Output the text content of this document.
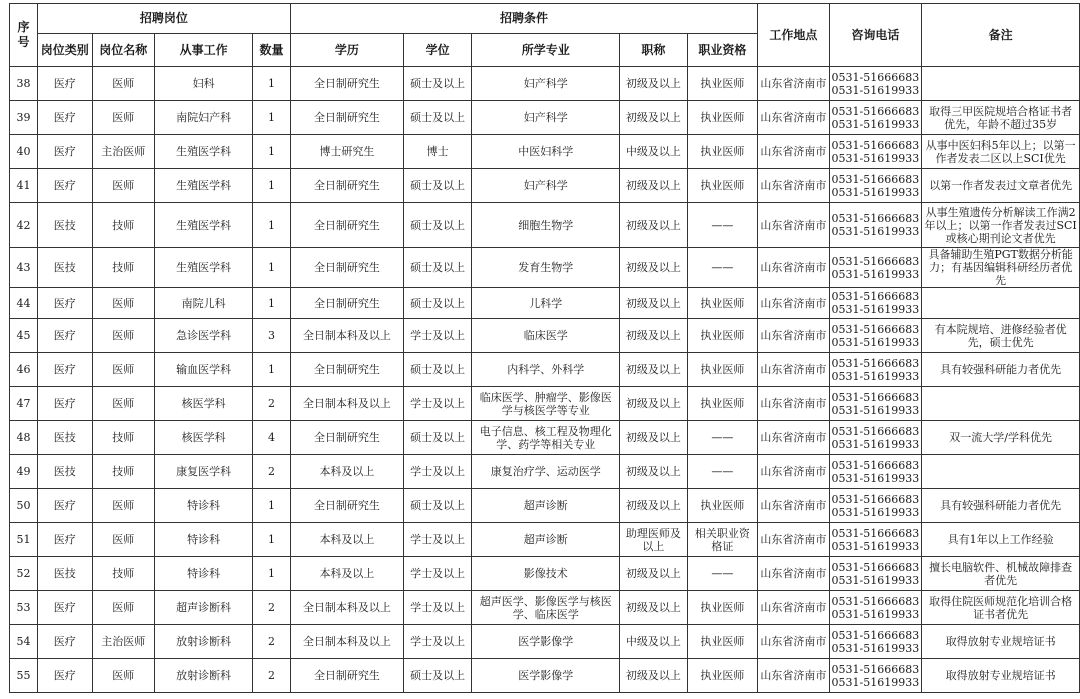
序号	招聘岗位				招聘条件					工作地点	咨询电话	备注
	岗位类别	岗位名称	从事工作	数量	学历	学位	所学专业	职称	职业资格			
38	医疗	医师	妇科	1	全日制研究生	硕士及以上	妇产科学	初级及以上	执业医师	山东省济南市	0531-51666683
0531-51619933	

39	医疗	医师	南院妇产科	1	全日制研究生	硕士及以上	妇产科学	初级及以上	执业医师	山东省济南市	0531-51666683
0531-51619933	取得三甲医院规培合格证书者优先，年龄不超过35岁
40	医疗	主治医师	生殖医学科	1	博士研究生	博士	中医妇科学	中级及以上	执业医师	山东省济南市	0531-51666683
0531-51619933	从事中医妇科5年以上；以第一作者发表二区以上SCI优先
41	医疗	医师	生殖医学科	1	全日制研究生	硕士及以上	妇产科学	初级及以上	执业医师	山东省济南市	0531-51666683
0531-51619933	以第一作者发表过文章者优先
42	医技	技师	生殖医学科	1	全日制研究生	硕士及以上	细胞生物学	初级及以上	——	山东省济南市	0531-51666683
0531-51619933	从事生殖遗传分析解读工作满2年以上；以第一作者发表过SCI或核心期刊论文者优先
43	医技	技师	生殖医学科	1	全日制研究生	硕士及以上	发育生物学	初级及以上	——	山东省济南市	0531-51666683
0531-51619933	具备辅助生殖PGT数据分析能力；有基因编辑科研经历者优先
44	医疗	医师	南院儿科	1	全日制研究生	硕士及以上	儿科学	初级及以上	执业医师	山东省济南市	0531-51666683
0531-51619933	

45	医疗	医师	急诊医学科	3	全日制本科及以上	学士及以上	临床医学	初级及以上	执业医师	山东省济南市	0531-51666683
0531-51619933	有本院规培、进修经验者优先，硕士优先
46	医疗	医师	输血医学科	1	全日制研究生	硕士及以上	内科学、外科学	初级及以上	执业医师	山东省济南市	0531-51666683
0531-51619933	具有较强科研能力者优先
47	医疗	医师	核医学科	2	全日制本科及以上	学士及以上	临床医学、肿瘤学、影像医学与核医学等专业	初级及以上	执业医师	山东省济南市	0531-51666683
0531-51619933	

48	医技	技师	核医学科	4	全日制研究生	硕士及以上	电子信息、核工程及物理化学、药学等相关专业	初级及以上	——	山东省济南市	0531-51666683
0531-51619933	双一流大学/学科优先
49	医技	技师	康复医学科	2	本科及以上	学士及以上	康复治疗学、运动医学	初级及以上	——	山东省济南市	0531-51666683
0531-51619933	

50	医疗	医师	特诊科	1	全日制研究生	硕士及以上	超声诊断	初级及以上	执业医师	山东省济南市	0531-51666683
0531-51619933	具有较强科研能力者优先
51	医疗	医师	特诊科	1	本科及以上	学士及以上	超声诊断	助理医师及以上	相关职业资格证	山东省济南市	0531-51666683
0531-51619933	具有1年以上工作经验
52	医技	技师	特诊科	1	本科及以上	学士及以上	影像技术	初级及以上	——	山东省济南市	0531-51666683
0531-51619933	擅长电脑软件、机械故障排查者优先
53	医疗	医师	超声诊断科	2	全日制本科及以上	学士及以上	超声医学、影像医学与核医学、临床医学	初级及以上	执业医师	山东省济南市	0531-51666683
0531-51619933	取得住院医师规范化培训合格证书者优先
54	医疗	主治医师	放射诊断科	2	全日制本科及以上	学士及以上	医学影像学	中级及以上	执业医师	山东省济南市	0531-51666683
0531-51619933	取得放射专业规培证书
55	医疗	医师	放射诊断科	2	全日制研究生	硕士及以上	医学影像学	初级及以上	执业医师	山东省济南市	0531-51666683
0531-51619933	取得放射专业规培证书
